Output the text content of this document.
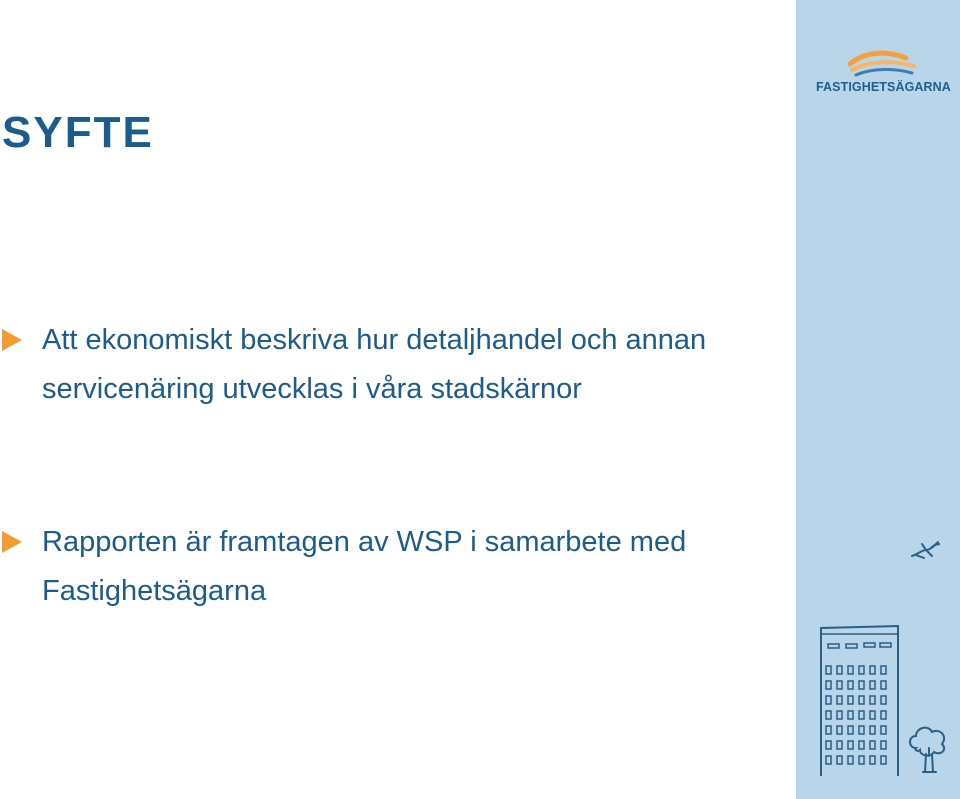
FASTIGHETSÄGARNA
SYFTE

Att ekonomiskt beskriva hur detaljhandel och annan servicenäring utvecklas i våra stadskärnor

Rapporten är framtagen av WSP i samarbete med Fastighetsägarna
